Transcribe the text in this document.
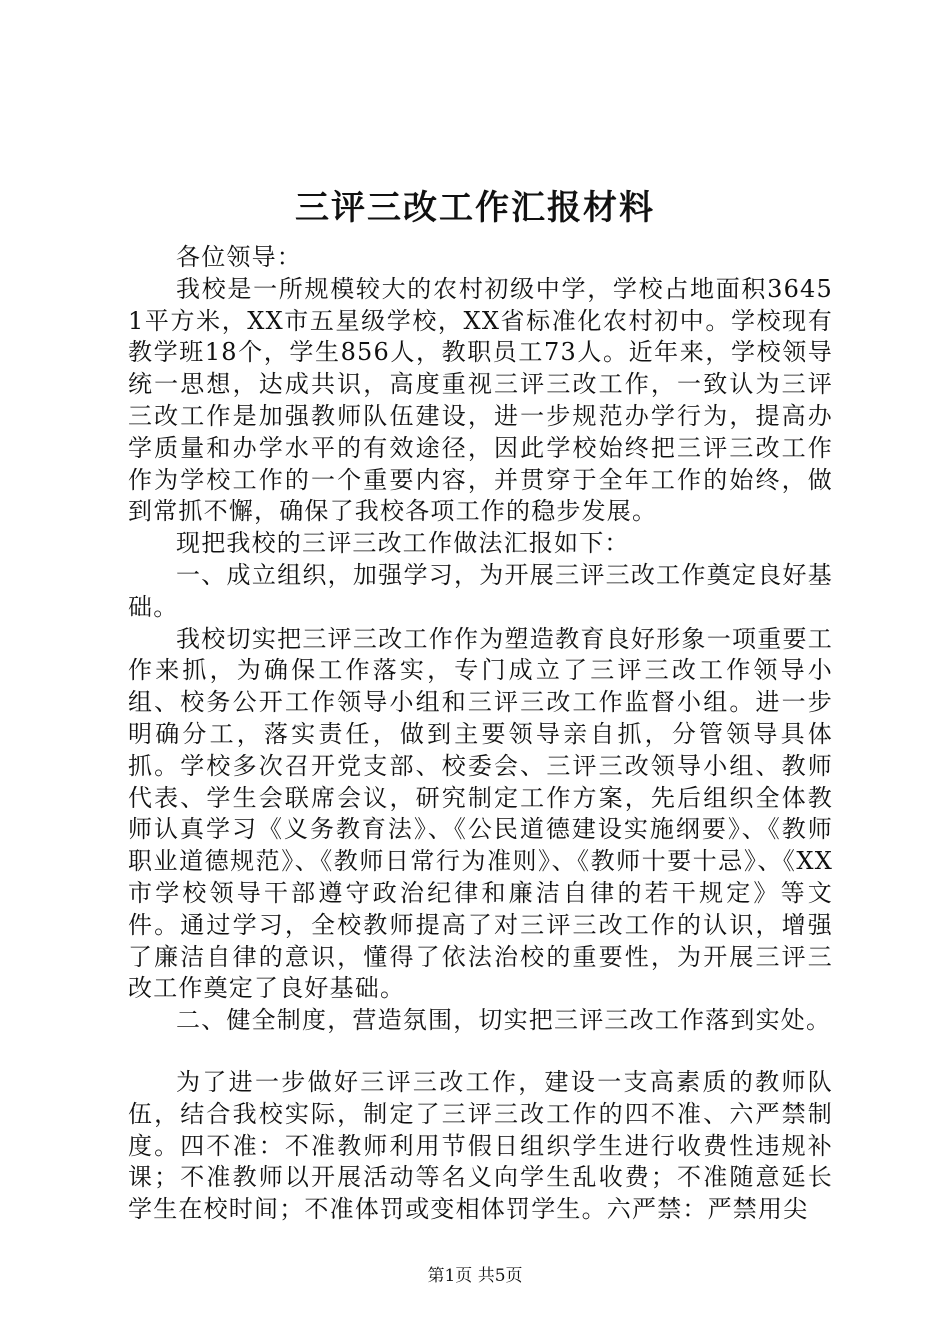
三评三改工作汇报材料

各位领导：

我校是一所规模较大的农村初级中学，学校占地面积36451平方米，XX市五星级学校，XX省标准化农村初中。学校现有教学班18个，学生856人，教职员工73人。近年来，学校领导统一思想，达成共识，高度重视三评三改工作，一致认为三评三改工作是加强教师队伍建设，进一步规范办学行为，提高办学质量和办学水平的有效途径，因此学校始终把三评三改工作作为学校工作的一个重要内容，并贯穿于全年工作的始终，做到常抓不懈，确保了我校各项工作的稳步发展。

现把我校的三评三改工作做法汇报如下：

一、成立组织，加强学习，为开展三评三改工作奠定良好基础。

我校切实把三评三改工作作为塑造教育良好形象一项重要工作来抓，为确保工作落实，专门成立了三评三改工作领导小组、校务公开工作领导小组和三评三改工作监督小组。进一步明确分工，落实责任，做到主要领导亲自抓，分管领导具体抓。学校多次召开党支部、校委会、三评三改领导小组、教师代表、学生会联席会议，研究制定工作方案，先后组织全体教师认真学习《义务教育法》、《公民道德建设实施纲要》、《教师职业道德规范》、《教师日常行为准则》、《教师十要十忌》、《XX市学校领导干部遵守政治纪律和廉洁自律的若干规定》等文件。通过学习，全校教师提高了对三评三改工作的认识，增强了廉洁自律的意识，懂得了依法治校的重要性，为开展三评三改工作奠定了良好基础。

二、健全制度，营造氛围，切实把三评三改工作落到实处。

为了进一步做好三评三改工作，建设一支高素质的教师队伍，结合我校实际，制定了三评三改工作的四不准、六严禁制度。四不准：不准教师利用节假日组织学生进行收费性违规补课；不准教师以开展活动等名义向学生乱收费；不准随意延长学生在校时间；不准体罚或变相体罚学生。六严禁：严禁用尖

第1页 共5页
